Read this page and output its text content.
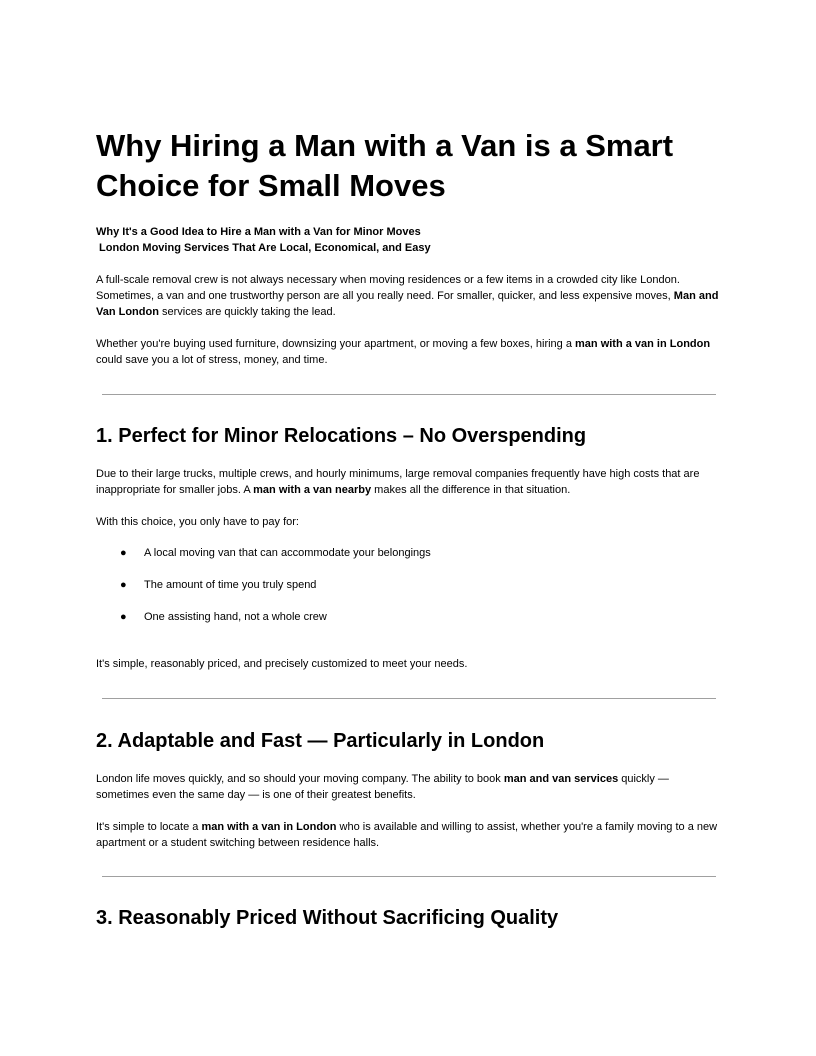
Why Hiring a Man with a Van is a Smart Choice for Small Moves
Why It's a Good Idea to Hire a Man with a Van for Minor Moves
London Moving Services That Are Local, Economical, and Easy

A full-scale removal crew is not always necessary when moving residences or a few items in a crowded city like London. Sometimes, a van and one trustworthy person are all you really need. For smaller, quicker, and less expensive moves, Man and Van London services are quickly taking the lead.

Whether you're buying used furniture, downsizing your apartment, or moving a few boxes, hiring a man with a van in London could save you a lot of stress, money, and time.

1. Perfect for Minor Relocations – No Overspending

Due to their large trucks, multiple crews, and hourly minimums, large removal companies frequently have high costs that are inappropriate for smaller jobs. A man with a van nearby makes all the difference in that situation.

With this choice, you only have to pay for:

● A local moving van that can accommodate your belongings
● The amount of time you truly spend
● One assisting hand, not a whole crew

It's simple, reasonably priced, and precisely customized to meet your needs.

2. Adaptable and Fast — Particularly in London

London life moves quickly, and so should your moving company. The ability to book man and van services quickly — sometimes even the same day — is one of their greatest benefits.

It's simple to locate a man with a van in London who is available and willing to assist, whether you're a family moving to a new apartment or a student switching between residence halls.

3. Reasonably Priced Without Sacrificing Quality
